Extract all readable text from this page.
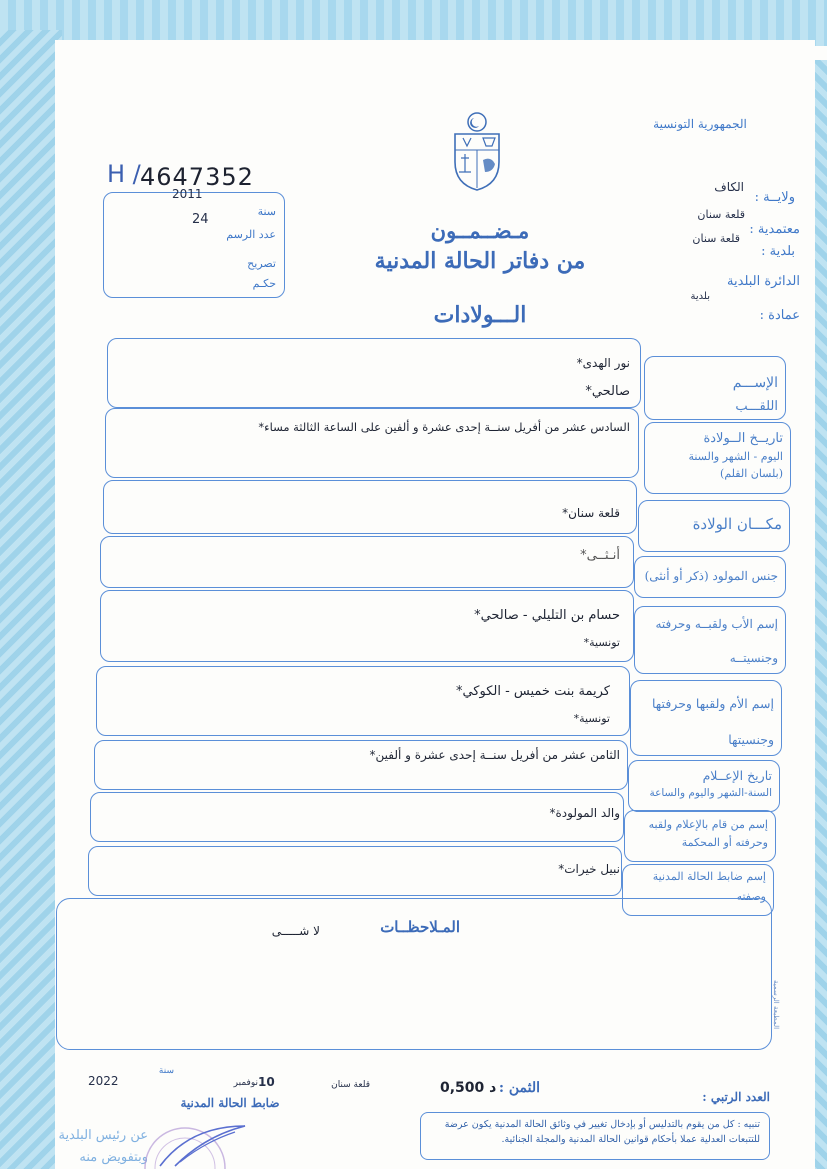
الجمهورية التونسية
مـضــمــون
من دفاتر الحالة المدنية
الـــولادات
H / 4647352
2011
سنة
24
عدد الرسم
تصريح
حكـم
ولايــة :
الكاف
قلعة سنان
معتمدية :
قلعة سنان
بلدية :
الدائرة البلدية
بلدية
عمادة :
الإســـم
اللقـــب
نور الهدى*
صالحي*
تاريــخ الــولادة
اليوم - الشهر والسنة
(بلسان القلم)
السادس عشر من أفريل سنــة إحدى عشرة و ألفين على الساعة الثالثة مساء*
مكـــان الولادة
قلعة سنان*
جنس المولود (ذكر أو أنثى)
أنـثــى*
إسم الأب ولقبــه وحرفته
وجنسيتــه
حسام بن التليلي - صالحي*
تونسية*
إسم الأم ولقبها وحرفتها
وجنسيتها
كريمة بنت خميس - الكوكي*
تونسية*
تاريخ الإعــلام
السنة-الشهر واليوم والساعة
الثامن عشر من أفريل سنــة إحدى عشرة و ألفين*
إسم من قام بالإعلام ولقبه
وحرفته أو المحكمة
والد المولودة*
إسم ضابط الحالة المدنية
وصفته
نبيل خيرات*
المـلاحظــات
لا شـــــى
المطبعة الرسمية
2022
سنة
نوفمبر 10	قلعة سنان
ضابط الحالة المدنية
الثمن :
0,500 د
العدد الرتبي :
تنبيه : كل من يقوم بالتدليس أو بإدخال تغيير في وثائق الحالة المدنية يكون عرضة للتتبعات العدلية عملا بأحكام قوانين الحالة المدنية والمجلة الجنائية.
عن رئيس البلدية
وبتفويض منه
